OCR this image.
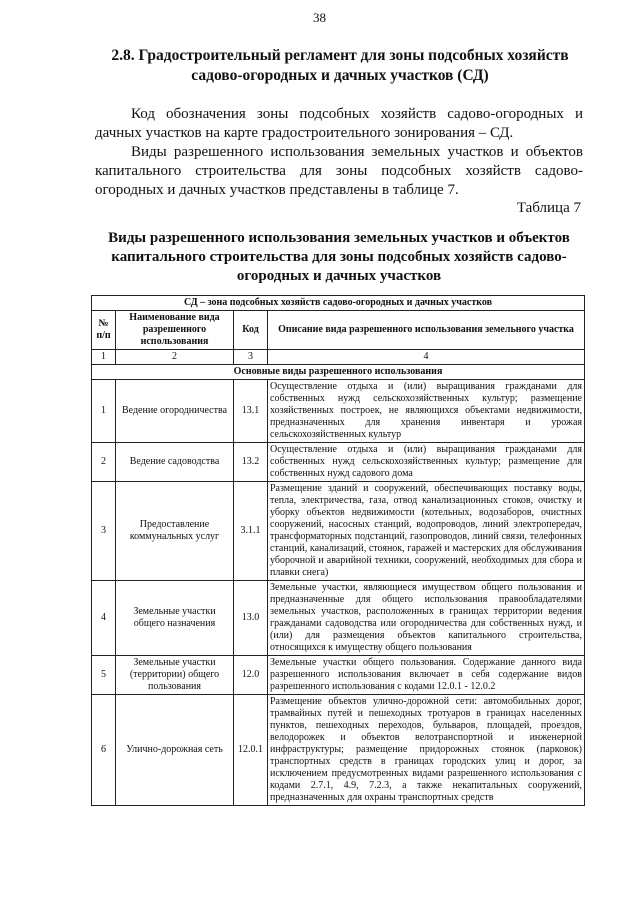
38
2.8. Градостроительный регламент для зоны подсобных хозяйств садово-огородных и дачных участков (СД)
Код обозначения зоны подсобных хозяйств садово-огородных и дачных участков на карте градостроительного зонирования – СД.
Виды разрешенного использования земельных участков и объектов капитального строительства для зоны подсобных хозяйств садово-огородных и дачных участков представлены в таблице 7.
Таблица 7
Виды разрешенного использования земельных участков и объектов капитального строительства для зоны подсобных хозяйств садово-огородных и дачных участков
СД – зона подсобных хозяйств садово-огородных и дачных участков			
№ п/п	Наименование вида разрешенного использования	Код	Описание вида разрешенного использования земельного участка
1	2	3	4
Основные виды разрешенного использования			
1	Ведение огородничества	13.1	Осуществление отдыха и (или) выращивания гражданами для собственных нужд сельскохозяйственных культур; размещение хозяйственных построек, не являющихся объектами недвижимости, предназначенных для хранения инвентаря и урожая сельскохозяйственных культур
2	Ведение садоводства	13.2	Осуществление отдыха и (или) выращивания гражданами для собственных нужд сельскохозяйственных культур; размещение для собственных нужд садового дома
3	Предоставление коммунальных услуг	3.1.1	Размещение зданий и сооружений, обеспечивающих поставку воды, тепла, электричества, газа, отвод канализационных стоков, очистку и уборку объектов недвижимости (котельных, водозаборов, очистных сооружений, насосных станций, водопроводов, линий электропередач, трансформаторных подстанций, газопроводов, линий связи, телефонных станций, канализаций, стоянок, гаражей и мастерских для обслуживания уборочной и аварийной техники, сооружений, необходимых для сбора и плавки снега)
4	Земельные участки общего назначения	13.0	Земельные участки, являющиеся имуществом общего пользования и предназначенные для общего использования правообладателями земельных участков, расположенных в границах территории ведения гражданами садоводства или огородничества для собственных нужд, и (или) для размещения объектов капитального строительства, относящихся к имуществу общего пользования
5	Земельные участки (территории) общего пользования	12.0	Земельные участки общего пользования. Содержание данного вида разрешенного использования включает в себя содержание видов разрешенного использования с кодами 12.0.1 - 12.0.2
6	Улично-дорожная сеть	12.0.1	Размещение объектов улично-дорожной сети: автомобильных дорог, трамвайных путей и пешеходных тротуаров в границах населенных пунктов, пешеходных переходов, бульваров, площадей, проездов, велодорожек и объектов велотранспортной и инженерной инфраструктуры; размещение придорожных стоянок (парковок) транспортных средств в границах городских улиц и дорог, за исключением предусмотренных видами разрешенного использования с кодами 2.7.1, 4.9, 7.2.3, а также некапитальных сооружений, предназначенных для охраны транспортных средств
